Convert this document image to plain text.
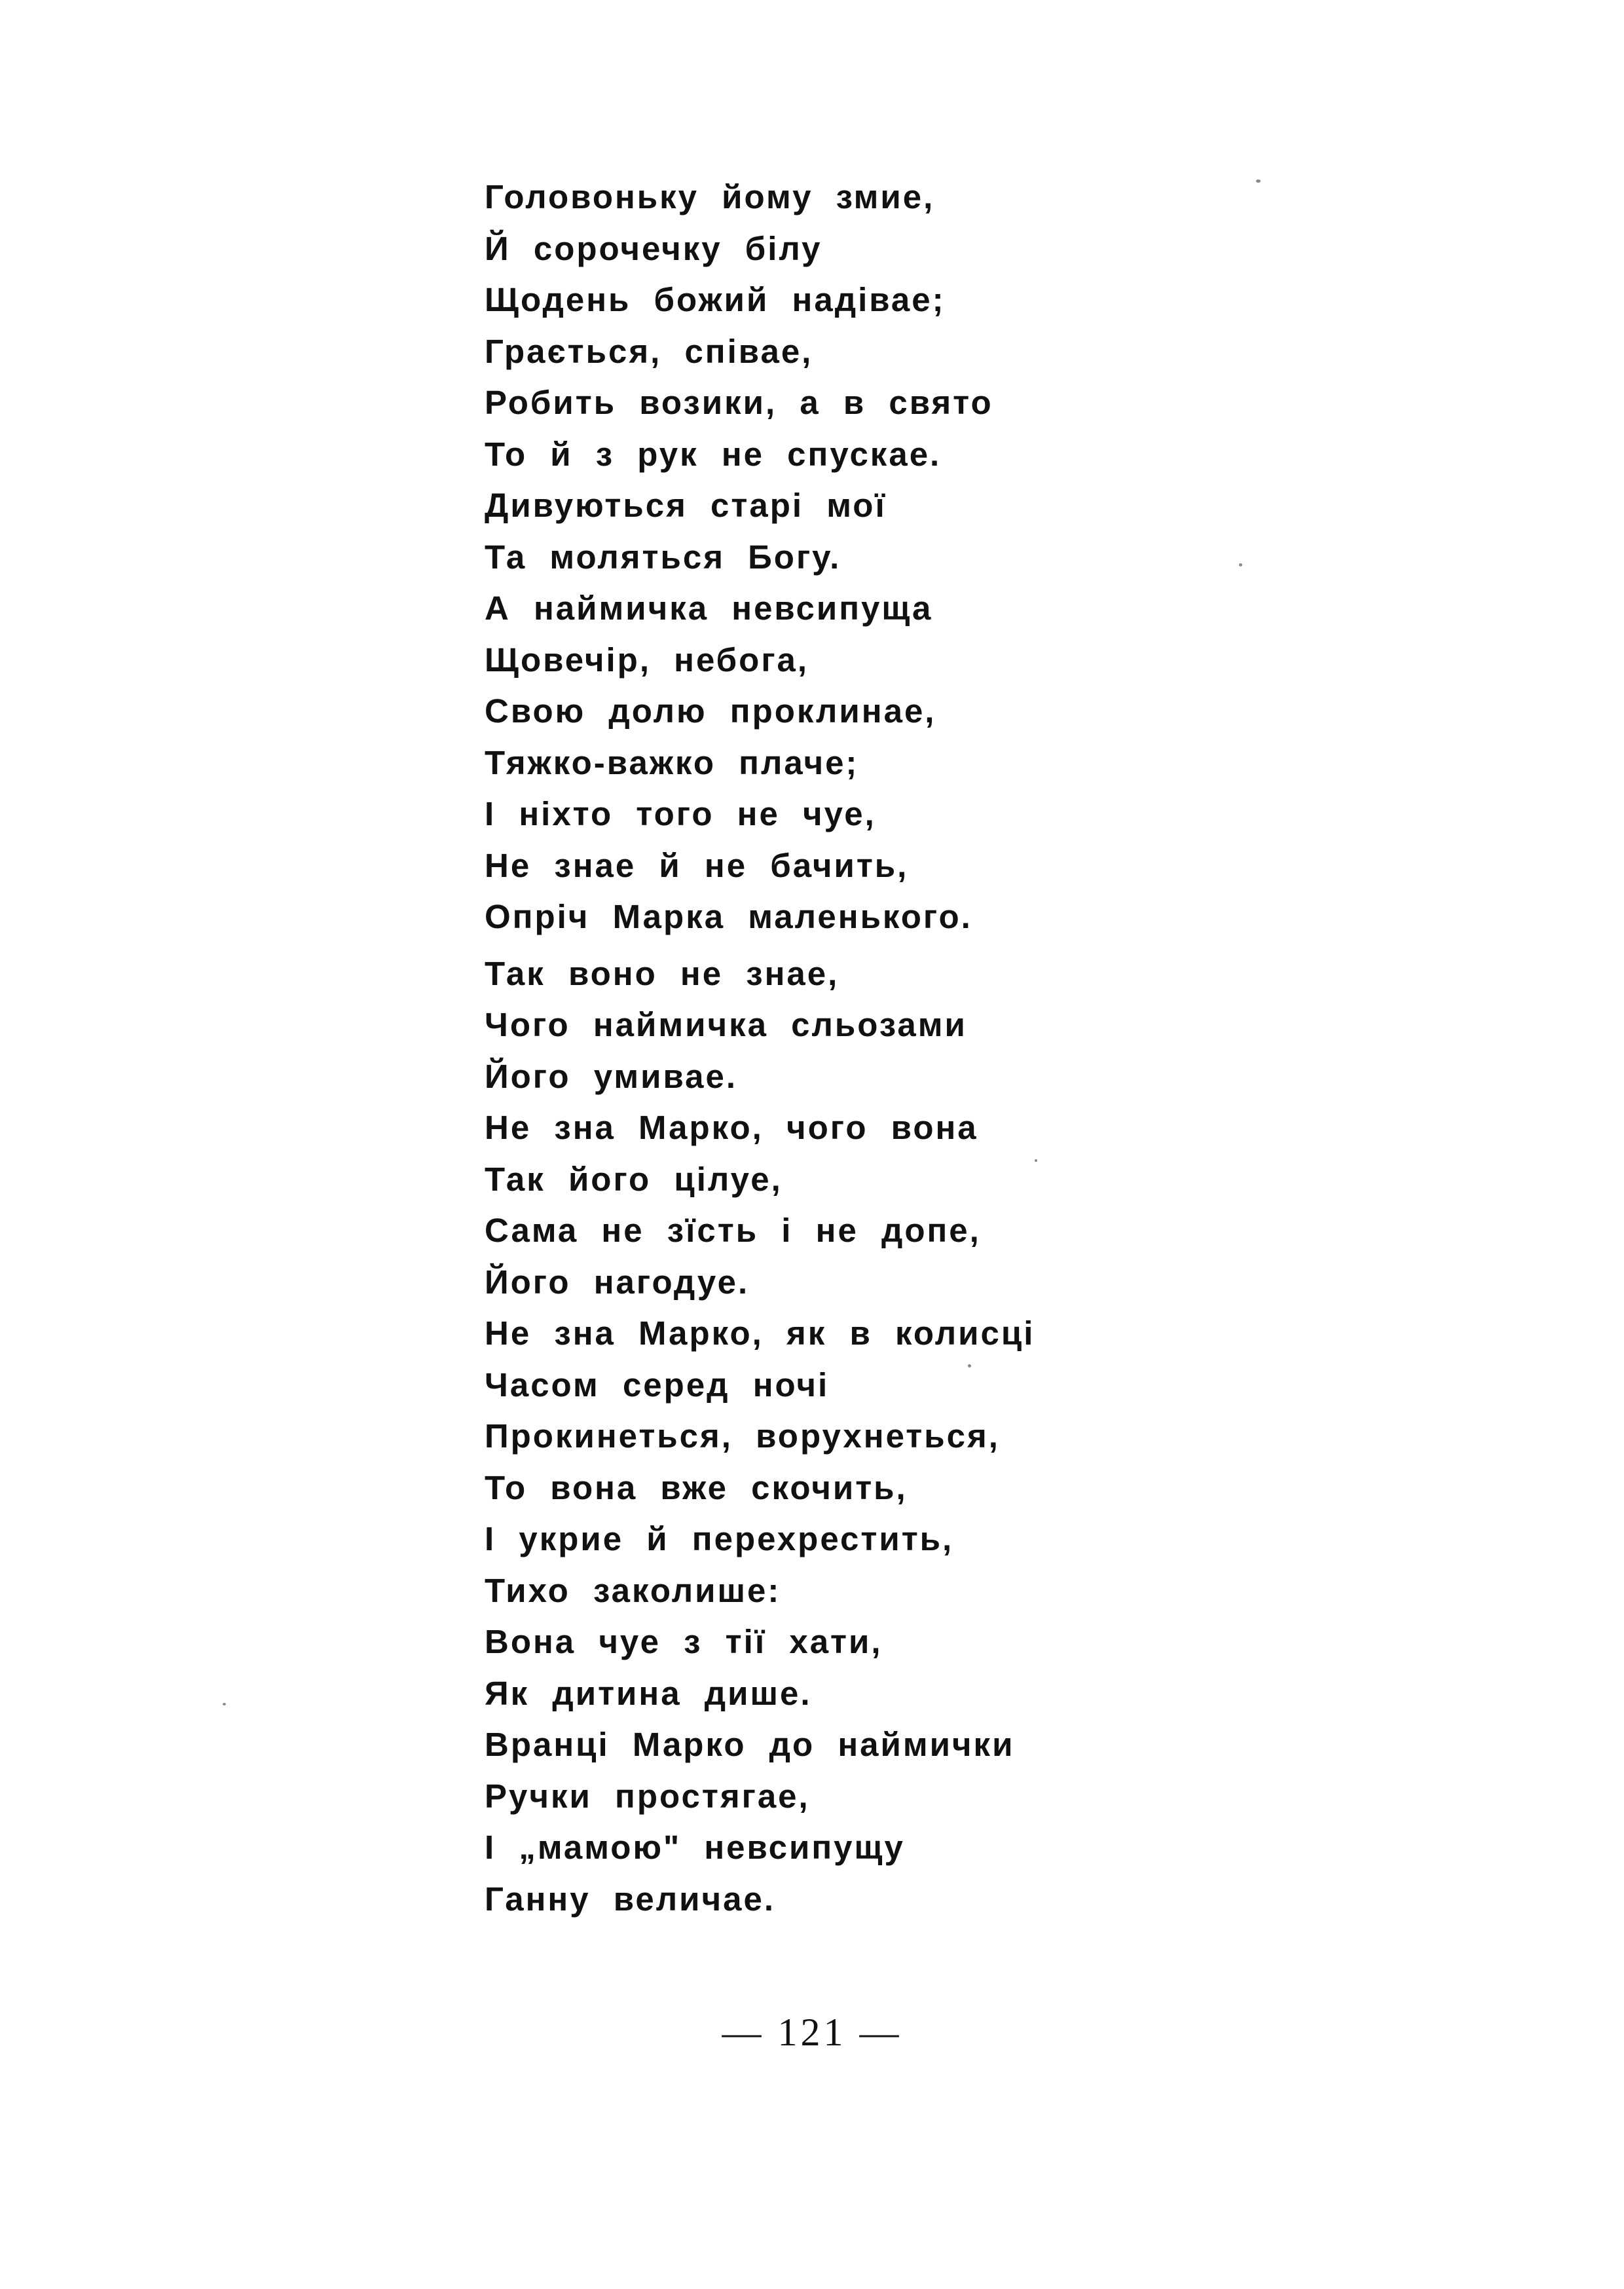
Головоньку йому змие,
Й сорочечку білу
Щодень божий надівае;
Грається, співае,
Робить возики, а в свято
То й з рук не спускае.
Дивуються старі мої
Та моляться Богу.
А наймичка невсипуща
Щовечір, небога,
Свою долю проклинае,
Тяжко-важко плаче;
І ніхто того не чуе,
Не знае й не бачить,
Опріч Марка маленького.
Так воно не знае,
Чого наймичка сльозами
Його умивае.
Не зна Марко, чого вона
Так його цілуе,
Сама не зїсть і не допе,
Його нагодуе.
Не зна Марко, як в колисці
Часом серед ночі
Прокинеться, ворухнеться,
То вона вже скочить,
І укрие й перехрестить,
Тихо заколише:
Вона чуе з тії хати,
Як дитина дише.
Вранці Марко до наймички
Ручки простягае,
І „мамою" невсипущу
Ганну величае.
— 121 —
